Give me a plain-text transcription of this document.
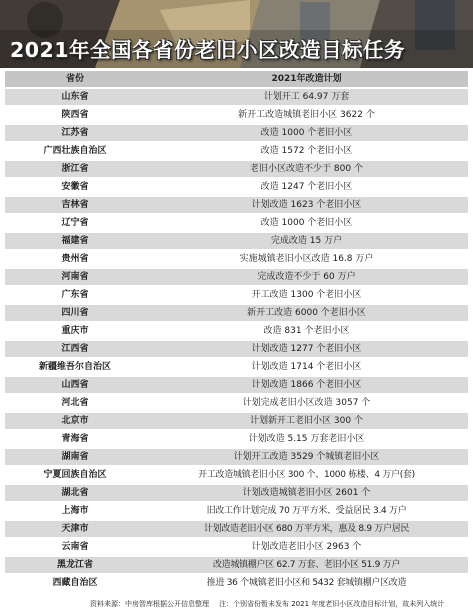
2021年全国各省份老旧小区改造目标任务
省份	2021年改造计划
山东省	计划开工 64.97 万套
陕西省	新开工改造城镇老旧小区 3622 个
江苏省	改造 1000 个老旧小区
广西壮族自治区	改造 1572 个老旧小区
浙江省	老旧小区改造不少于 800 个
安徽省	改造 1247 个老旧小区
吉林省	计划改造 1623 个老旧小区
辽宁省	改造 1000 个老旧小区
福建省	完成改造 15 万户
贵州省	实施城镇老旧小区改造 16.8 万户
河南省	完成改造不少于 60 万户
广东省	开工改造 1300 个老旧小区
四川省	新开工改造 6000 个老旧小区
重庆市	改造 831 个老旧小区
江西省	计划改造 1277 个老旧小区
新疆维吾尔自治区	计划改造 1714 个老旧小区
山西省	计划改造 1866 个老旧小区
河北省	计划完成老旧小区改造 3057 个
北京市	计划新开工老旧小区 300 个
青海省	计划改造 5.15 万套老旧小区
湖南省	计划开工改造 3529 个城镇老旧小区
宁夏回族自治区	开工改造城镇老旧小区 300 个、1000 栋楼、4 万户(套)
湖北省	计划改造城镇老旧小区 2601 个
上海市	旧改工作计划完成 70 万平方米、受益居民 3.4 万户
天津市	计划改造老旧小区 680 万平方米，惠及 8.9 万户居民
云南省	计划改造老旧小区 2963 个
黑龙江省	改造城镇棚户区 62.7 万套、老旧小区 51.9 万户
西藏自治区	推进 36 个城镇老旧小区和 5432 套城镇棚户区改造
资料来源：中房智库根据公开信息整理 注：个别省份暂未发布 2021 年度老旧小区改造目标计划，故未列入统计
